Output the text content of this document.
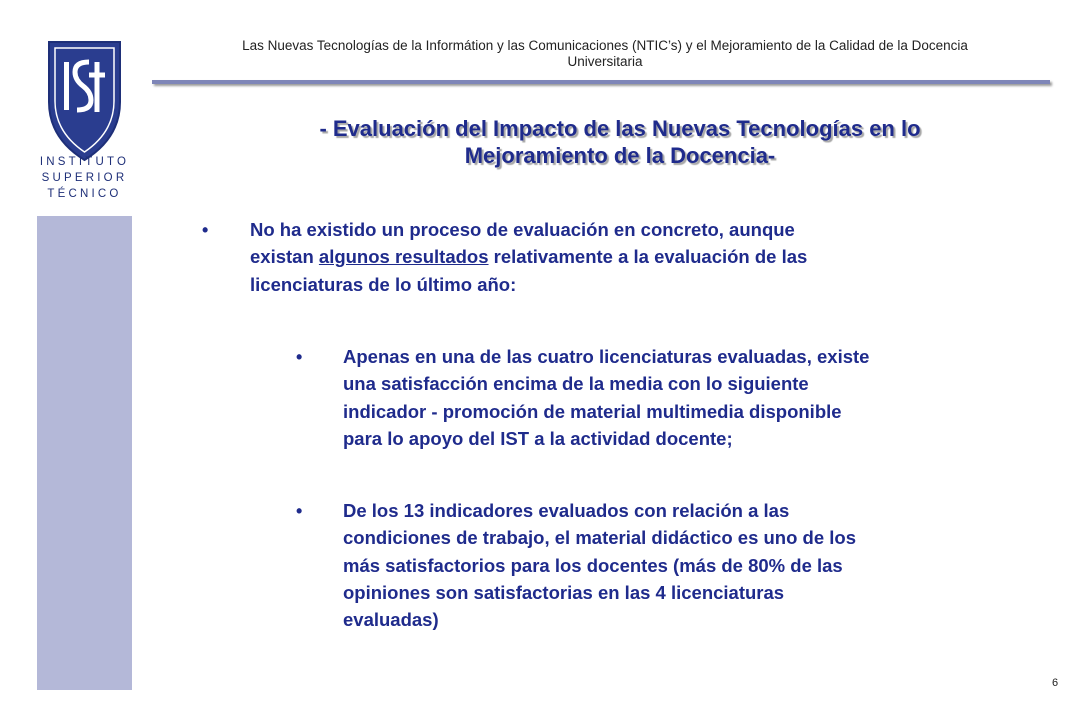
INSTITUTO
SUPERIOR
TÉCNICO
Las Nuevas Tecnologías de la Informátion y las Comunicaciones (NTIC’s) y el Mejoramiento de la Calidad de la Docencia
Universitaria
- Evaluación del Impacto de las Nuevas Tecnologías en lo
Mejoramiento de la Docencia-
• No ha existido un proceso de evaluación en concreto, aunque
existan algunos resultados relativamente a la evaluación de las
licenciaturas de lo último año:
• Apenas en una de las cuatro licenciaturas evaluadas, existe
una satisfacción encima de la media con lo siguiente
indicador - promoción de material multimedia disponible
para lo apoyo del IST a la actividad docente;
• De los 13 indicadores evaluados con relación a las
condiciones de trabajo, el material didáctico es uno de los
más satisfactorios para los docentes (más de 80% de las
opiniones son satisfactorias en las 4 licenciaturas
evaluadas)
6
